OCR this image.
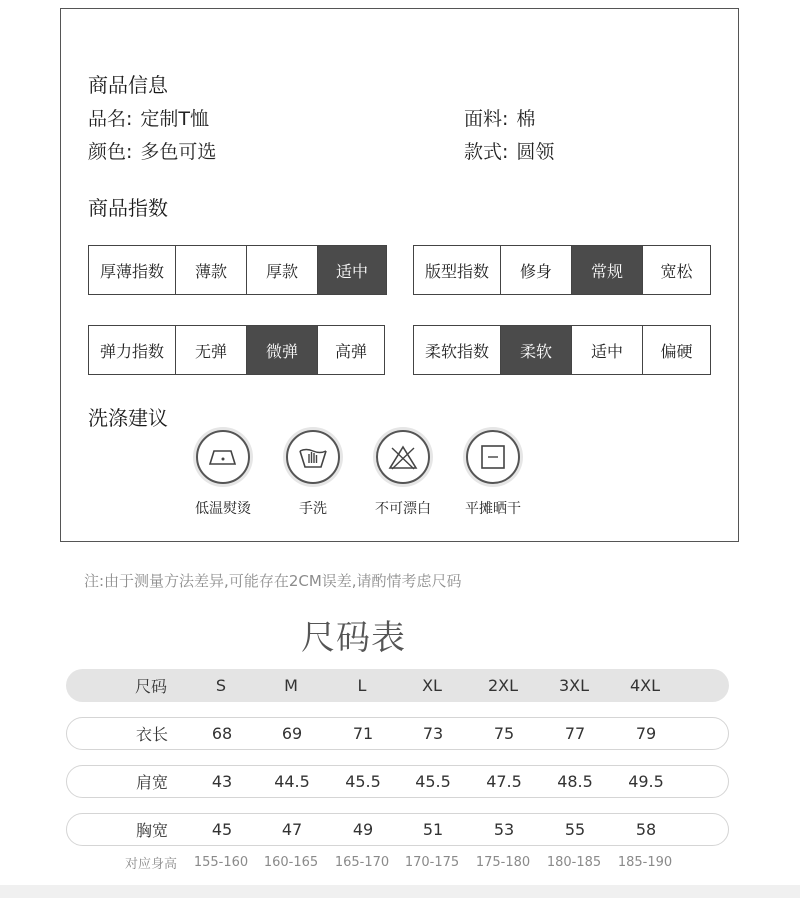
商品信息
品名: 定制T恤	面料: 棉
颜色: 多色可选	款式: 圆领
商品指数
厚薄指数	薄款	厚款	适中	版型指数	修身	常规	宽松
弹力指数	无弹	微弹	高弹	柔软指数	柔软	适中	偏硬
洗涤建议
低温熨烫	手洗	不可漂白	平摊晒干
注:由于测量方法差异,可能存在2CM误差,请酌情考虑尺码
尺码表
尺码	S	M	L	XL	2XL	3XL	4XL
衣长	68	69	71	73	75	77	79
肩宽	43	44.5 45.5 45.5 47.5 48.5 49.5
胸宽	45	47	49	51	53	55	58
对应身高 155-160 160-165 165-170 170-175 175-180 180-185 185-190
